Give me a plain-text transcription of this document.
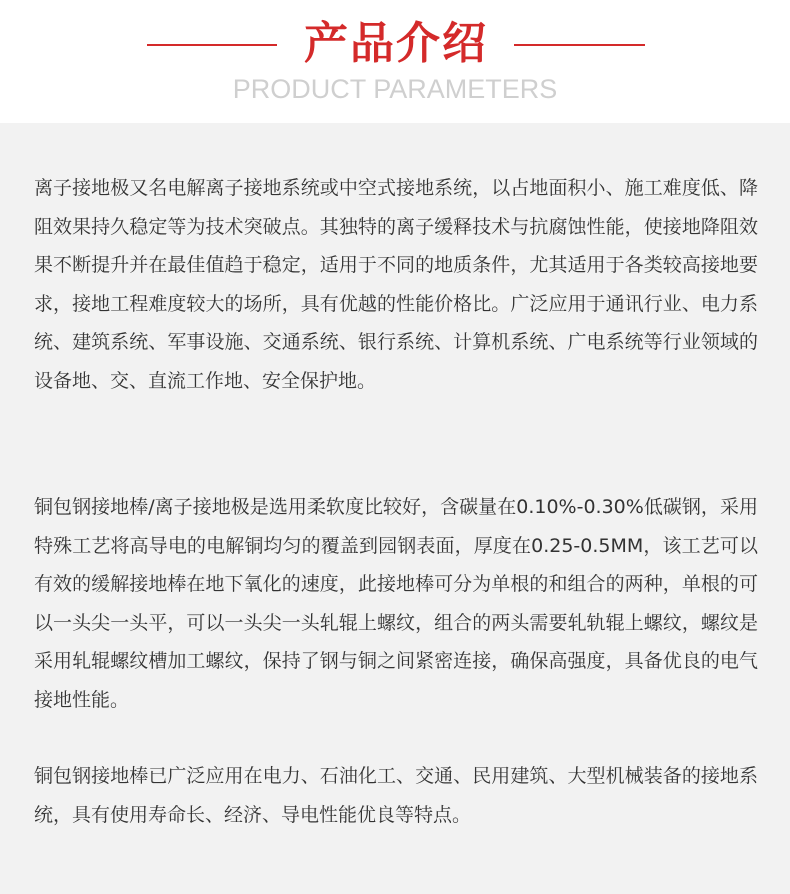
产品介绍
PRODUCT PARAMETERS

离子接地极又名电解离子接地系统或中空式接地系统，以占地面积小、施工难度低、降阻效果持久稳定等为技术突破点。其独特的离子缓释技术与抗腐蚀性能，使接地降阻效果不断提升并在最佳值趋于稳定，适用于不同的地质条件，尤其适用于各类较高接地要求，接地工程难度较大的场所，具有优越的性能价格比。广泛应用于通讯行业、电力系统、建筑系统、军事设施、交通系统、银行系统、计算机系统、广电系统等行业领域的设备地、交、直流工作地、安全保护地。

铜包钢接地棒/离子接地极是选用柔软度比较好，含碳量在0.10%-0.30%低碳钢，采用特殊工艺将高导电的电解铜均匀的覆盖到园钢表面，厚度在0.25-0.5MM，该工艺可以有效的缓解接地棒在地下氧化的速度，此接地棒可分为单根的和组合的两种，单根的可以一头尖一头平，可以一头尖一头轧辊上螺纹，组合的两头需要轧轨辊上螺纹，螺纹是采用轧辊螺纹槽加工螺纹，保持了钢与铜之间紧密连接，确保高强度，具备优良的电气接地性能。

铜包钢接地棒已广泛应用在电力、石油化工、交通、民用建筑、大型机械装备的接地系统，具有使用寿命长、经济、导电性能优良等特点。
